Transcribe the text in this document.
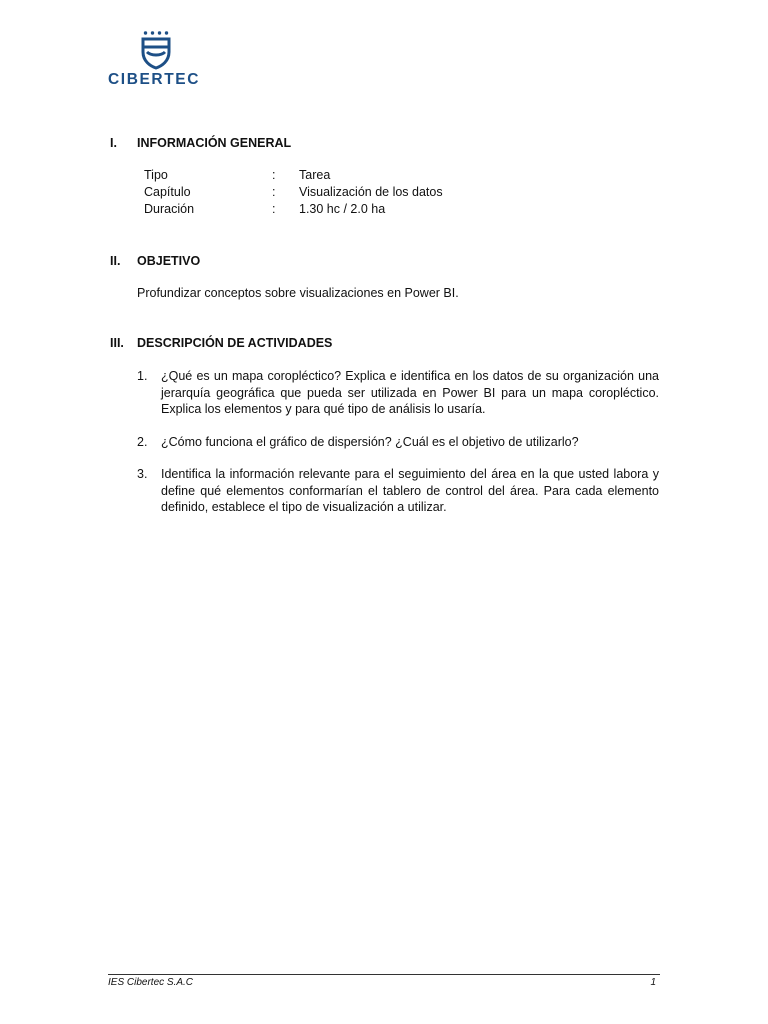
CIBERTEC
I.	INFORMACIÓN GENERAL
Tipo	:	Tarea
Capítulo	:	Visualización de los datos
Duración	:	1.30 hc / 2.0 ha
II.	OBJETIVO
Profundizar conceptos sobre visualizaciones en Power BI.
III.	DESCRIPCIÓN DE ACTIVIDADES
1.	¿Qué es un mapa coropléctico? Explica e identifica en los datos de su organización una jerarquía geográfica que pueda ser utilizada en Power BI para un mapa coropléctico. Explica los elementos y para qué tipo de análisis lo usaría.
2.	¿Cómo funciona el gráfico de dispersión? ¿Cuál es el objetivo de utilizarlo?
3.	Identifica la información relevante para el seguimiento del área en la que usted labora y define qué elementos conformarían el tablero de control del área. Para cada elemento definido, establece el tipo de visualización a utilizar.
IES Cibertec S.A.C	1
